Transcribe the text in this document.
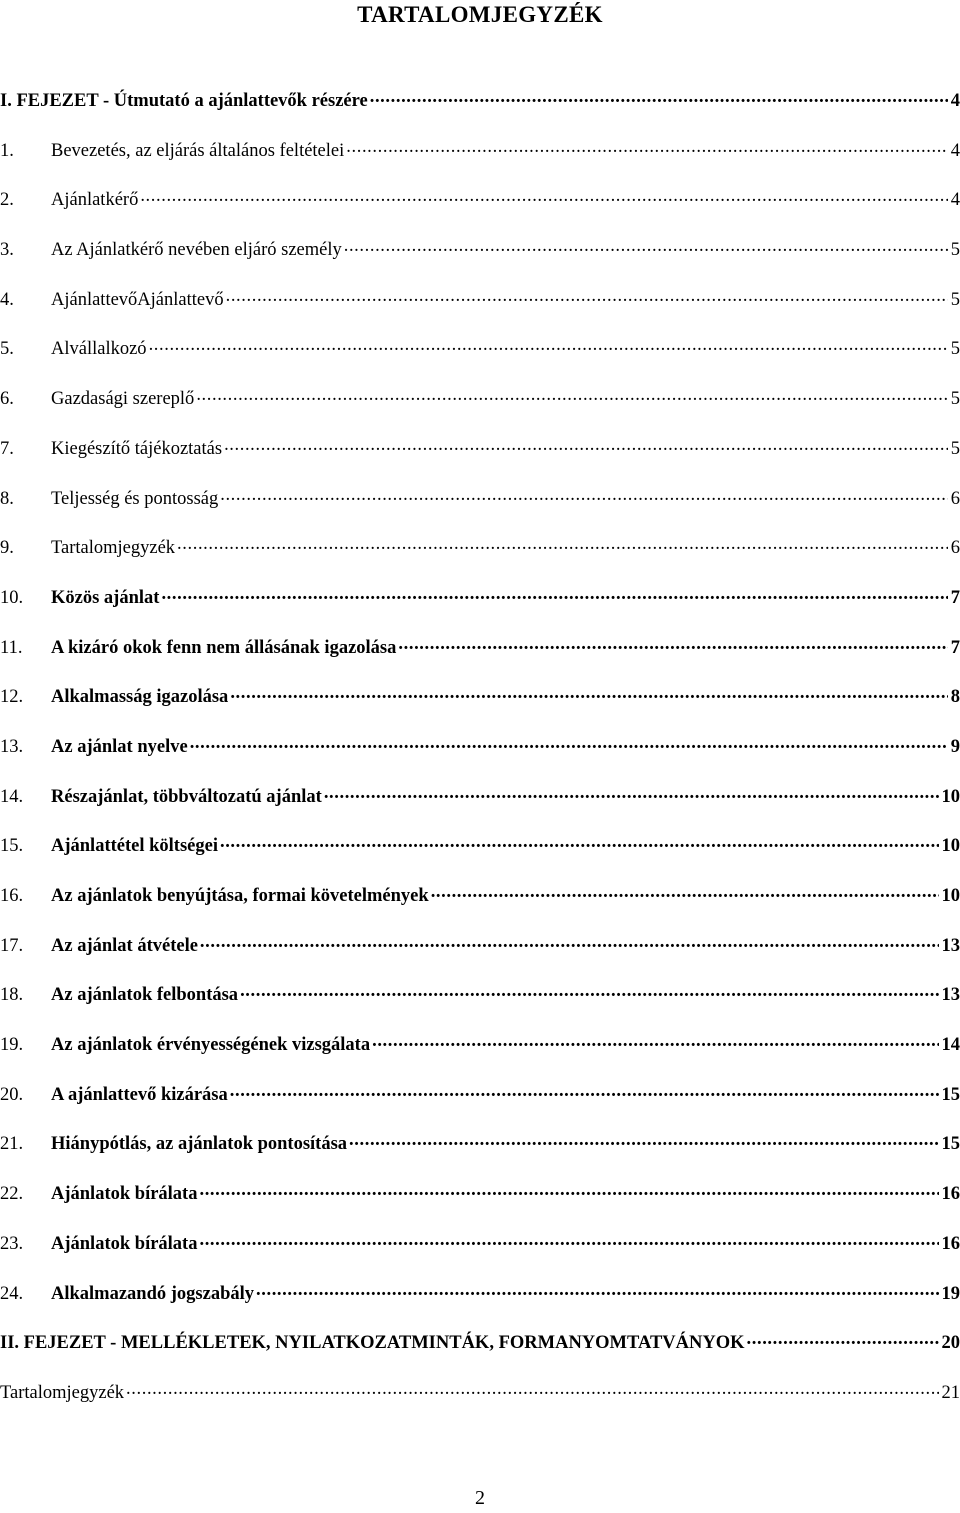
TARTALOMJEGYZÉK
I. FEJEZET - Útmutató a ajánlattevők részére .....	4
1.	Bevezetés, az eljárás általános feltételei .....	4
2.	Ajánlatkérő .....	4
3.	Az Ajánlatkérő nevében eljáró személy .....	5
4.	AjánlattevőAjánlattevő .....	5
5.	Alvállalkozó .....	5
6.	Gazdasági szereplő .....	5
7.	Kiegészítő tájékoztatás .....	5
8.	Teljesség és pontosság .....	6
9.	Tartalomjegyzék .....	6
10.	Közös ajánlat .....	7
11.	A kizáró okok fenn nem állásának igazolása .....	7
12.	Alkalmasság igazolása .....	8
13.	Az ajánlat nyelve .....	9
14.	Részajánlat, többváltozatú ajánlat .....	10
15.	Ajánlattétel költségei .....	10
16.	Az ajánlatok benyújtása, formai követelmények .....	10
17.	Az ajánlat átvétele .....	13
18.	Az ajánlatok felbontása .....	13
19.	Az ajánlatok érvényességének vizsgálata .....	14
20.	A ajánlattevő kizárása .....	15
21.	Hiánypótlás, az ajánlatok pontosítása .....	15
22.	Ajánlatok bírálata .....	16
23.	Ajánlatok bírálata .....	16
24.	Alkalmazandó jogszabály .....	19
II. FEJEZET - MELLÉKLETEK, NYILATKOZATMINTÁK, FORMANYOMTATVÁNYOK .....	20
Tartalomjegyzék .....	21
2
